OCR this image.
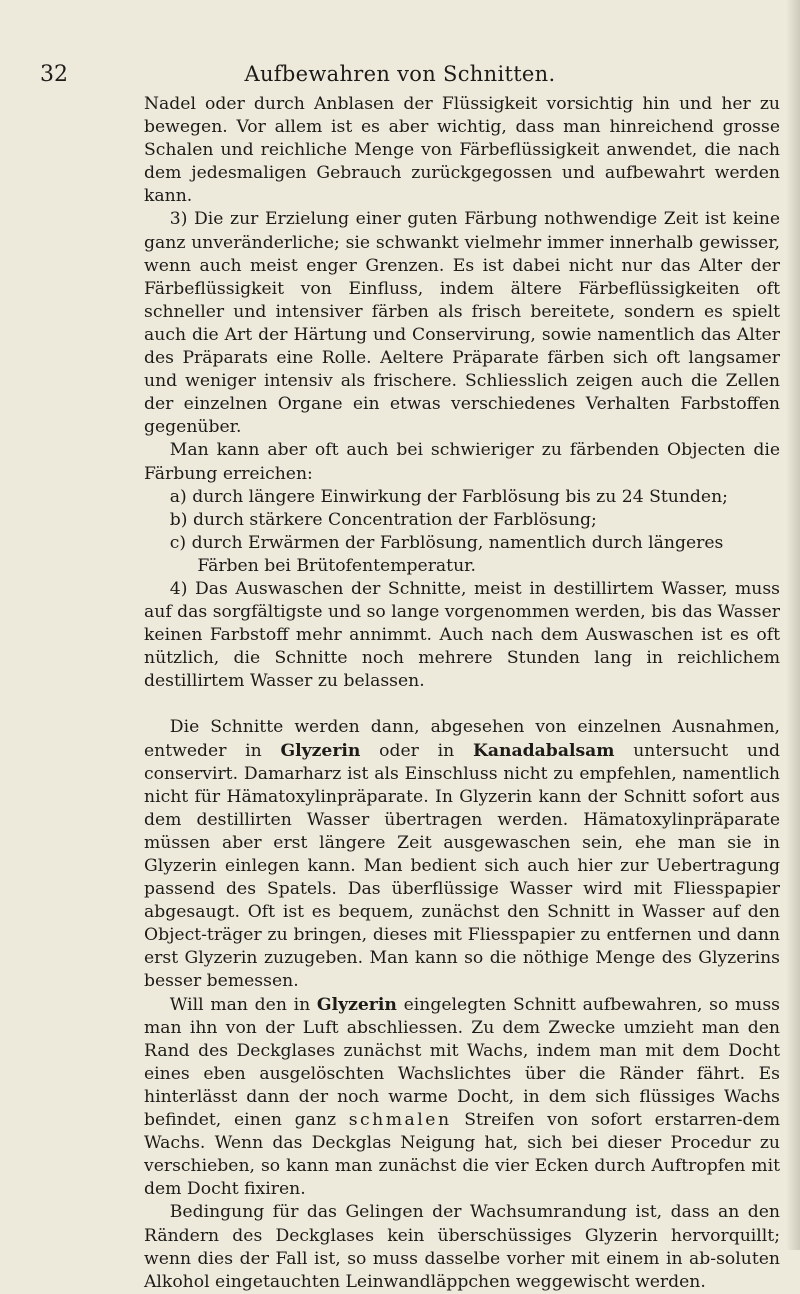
32	Aufbewahren von Schnitten.

Nadel oder durch Anblasen der Flüssigkeit vorsichtig hin und her zu bewegen. Vor allem ist es aber wichtig, dass man hinreichend grosse Schalen und reichliche Menge von Färbeflüssigkeit anwendet, die nach dem jedesmaligen Gebrauch zurückgegossen und aufbewahrt werden kann.

3) Die zur Erzielung einer guten Färbung nothwendige Zeit ist keine ganz unveränderliche; sie schwankt vielmehr immer innerhalb gewisser, wenn auch meist enger Grenzen. Es ist dabei nicht nur das Alter der Färbeflüssigkeit von Einfluss, indem ältere Färbeflüssigkeiten oft schneller und intensiver färben als frisch bereitete, sondern es spielt auch die Art der Härtung und Conservirung, sowie namentlich das Alter des Präparats eine Rolle. Aeltere Präparate färben sich oft langsamer und weniger intensiv als frischere. Schliesslich zeigen auch die Zellen der einzelnen Organe ein etwas verschiedenes Verhalten Farbstoffen gegenüber.

Man kann aber oft auch bei schwieriger zu färbenden Objecten die Färbung erreichen:

a) durch längere Einwirkung der Farblösung bis zu 24 Stunden;

b) durch stärkere Concentration der Farblösung;

c) durch Erwärmen der Farblösung, namentlich durch längeres
Färben bei Brütofentemperatur.

4) Das Auswaschen der Schnitte, meist in destillirtem Wasser, muss auf das sorgfältigste und so lange vorgenommen werden, bis das Wasser keinen Farbstoff mehr annimmt. Auch nach dem Auswaschen ist es oft nützlich, die Schnitte noch mehrere Stunden lang in reichlichem destillirtem Wasser zu belassen.

Die Schnitte werden dann, abgesehen von einzelnen Ausnahmen, entweder in Glyzerin oder in Kanadabalsam untersucht und conservirt. Damarharz ist als Einschluss nicht zu empfehlen, namentlich nicht für Hämatoxylinpräparate. In Glyzerin kann der Schnitt sofort aus dem destillirten Wasser übertragen werden. Hämatoxylinpräparate müssen aber erst längere Zeit ausgewaschen sein, ehe man sie in Glyzerin einlegen kann. Man bedient sich auch hier zur Uebertragung passend des Spatels. Das überflüssige Wasser wird mit Fliesspapier abgesaugt. Oft ist es bequem, zunächst den Schnitt in Wasser auf den Object-träger zu bringen, dieses mit Fliesspapier zu entfernen und dann erst Glyzerin zuzugeben. Man kann so die nöthige Menge des Glyzerins besser bemessen.

Will man den in Glyzerin eingelegten Schnitt aufbewahren, so muss man ihn von der Luft abschliessen. Zu dem Zwecke umzieht man den Rand des Deckglases zunächst mit Wachs, indem man mit dem Docht eines eben ausgelöschten Wachslichtes über die Ränder fährt. Es hinterlässt dann der noch warme Docht, in dem sich flüssiges Wachs befindet, einen ganz schmalen Streifen von sofort erstarren-dem Wachs. Wenn das Deckglas Neigung hat, sich bei dieser Procedur zu verschieben, so kann man zunächst die vier Ecken durch Auftropfen mit dem Docht fixiren.

Bedingung für das Gelingen der Wachsumrandung ist, dass an den Rändern des Deckglases kein überschüssiges Glyzerin hervorquillt; wenn dies der Fall ist, so muss dasselbe vorher mit einem in ab-soluten Alkohol eingetauchten Leinwandläppchen weggewischt werden.
